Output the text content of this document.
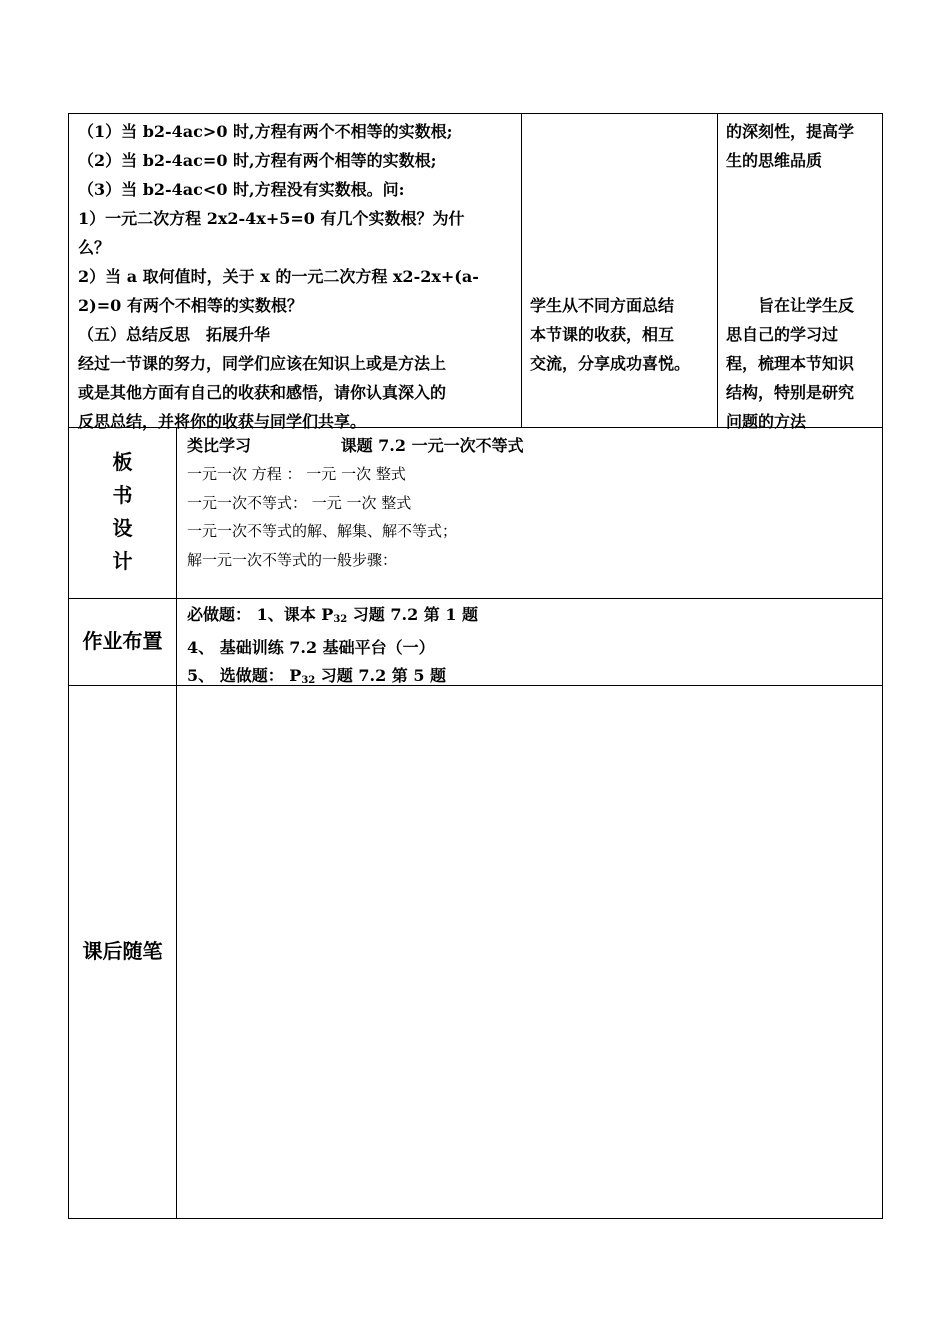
（1）当 b2-4ac>0 时,方程有两个不相等的实数根;
（2）当 b2-4ac=0 时,方程有两个相等的实数根;
（3）当 b2-4ac<0 时,方程没有实数根。问:
1）一元二次方程 2x2-4x+5=0 有几个实数根？为什
么？
2）当 a 取何值时，关于 x 的一元二次方程 x2-2x+(a-
2)=0 有两个不相等的实数根？
（五）总结反思　拓展升华
经过一节课的努力，同学们应该在知识上或是方法上
或是其他方面有自己的收获和感悟，请你认真深入的
反思总结，并将你的收获与同学们共享。
学生从不同方面总结
本节课的收获，相互
交流，分享成功喜悦。
的深刻性，提高学
生的思维品质
　　旨在让学生反
思自己的学习过
程，梳理本节知识
结构，特别是研究
问题的方法
板
书
设
计
类比学习	课题 7.2 一元一次不等式
一元一次 方程 ： 一元 一次 整式
一元一次不等式： 一元 一次 整式
一元一次不等式的解、解集、解不等式；
解一元一次不等式的一般步骤：
作业布置
必做题： 1、课本 $P_{32}$ 习题 7.2 第 1 题
4、 基础训练 7.2 基础平台（一）
5、 选做题： $P_{32}$ 习题 7.2 第 5 题
课后随笔
